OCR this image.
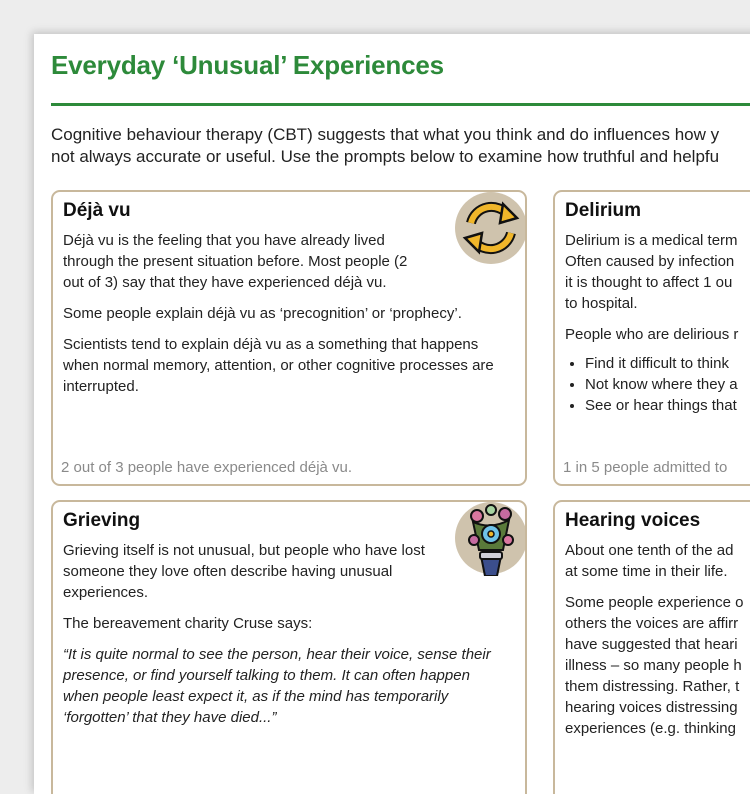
Everyday ‘Unusual’ Experiences

Cognitive behaviour therapy (CBT) suggests that what you think and do influences how y

not always accurate or useful. Use the prompts below to examine how truthful and helpfu

Déjà vu

Déjà vu is the feeling that you have already lived through the present situation before. Most people (2 out of 3) say that they have experienced déjà vu.

Some people explain déjà vu as ‘precognition’ or ‘prophecy’.

Scientists tend to explain déjà vu as a something that happens when normal memory, attention, or other cognitive processes are interrupted.

2 out of 3 people have experienced déjà vu.
Delirium
Delirium is a medical term
Often caused by infection
it is thought to affect 1 ou
to hospital.
People who are delirious r
• Find it difficult to think
• Not know where they a
• See or hear things that
1 in 5 people admitted to
Grieving

Grieving itself is not unusual, but people who have lost someone they love often describe having unusual experiences.

The bereavement charity Cruse says:

“It is quite normal to see the person, hear their voice, sense their presence, or find yourself talking to them. It can often happen when people least expect it, as if the mind has temporarily ‘forgotten’ that they have died...”

Hearing voices
About one tenth of the ad
at some time in their life.
Some people experience o
others the voices are affirr
have suggested that heari
illness – so many people h
them distressing. Rather, t
hearing voices distressing
experiences (e.g. thinking
